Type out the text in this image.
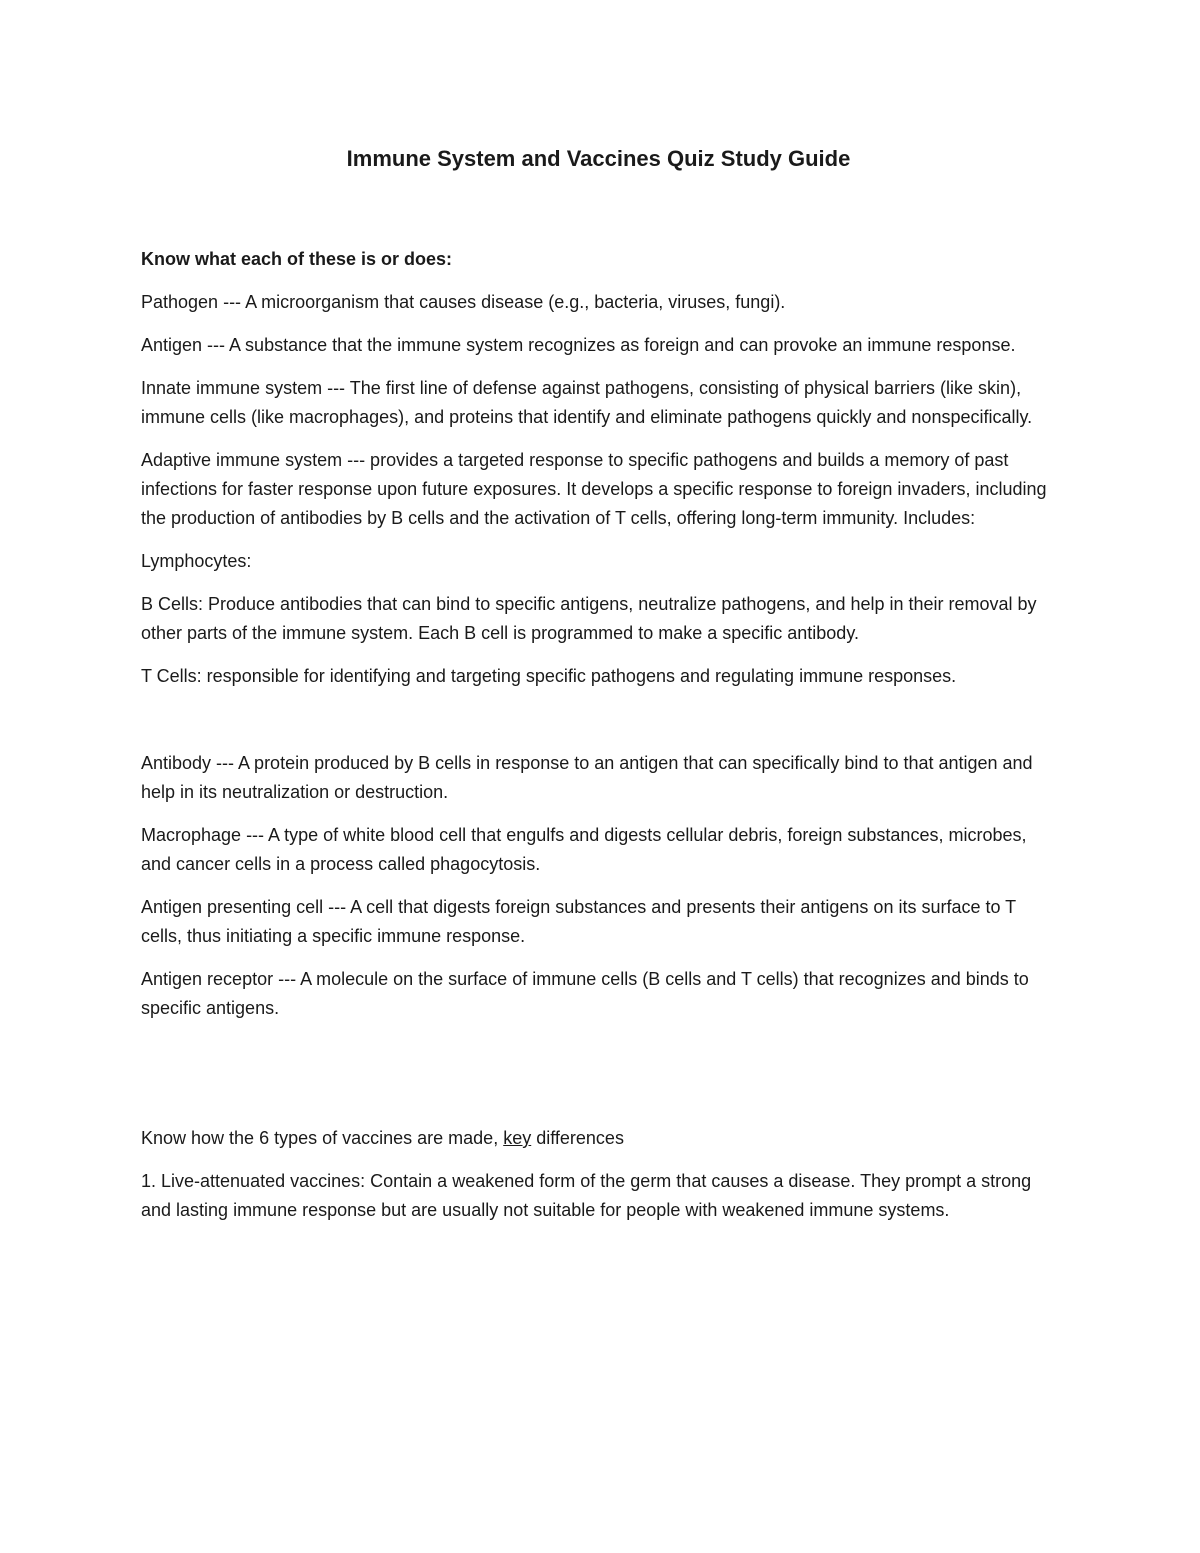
Immune System and Vaccines Quiz Study Guide
Know what each of these is or does:

Pathogen --- A microorganism that causes disease (e.g., bacteria, viruses, fungi).

Antigen --- A substance that the immune system recognizes as foreign and can provoke an immune response.

Innate immune system --- The first line of defense against pathogens, consisting of physical barriers (like skin), immune cells (like macrophages), and proteins that identify and eliminate pathogens quickly and nonspecifically.

Adaptive immune system --- provides a targeted response to specific pathogens and builds a memory of past infections for faster response upon future exposures. It develops a specific response to foreign invaders, including the production of antibodies by B cells and the activation of T cells, offering long-term immunity. Includes:

Lymphocytes:

B Cells: Produce antibodies that can bind to specific antigens, neutralize pathogens, and help in their removal by other parts of the immune system. Each B cell is programmed to make a specific antibody.

T Cells: responsible for identifying and targeting specific pathogens and regulating immune responses.

Antibody --- A protein produced by B cells in response to an antigen that can specifically bind to that antigen and help in its neutralization or destruction.

Macrophage --- A type of white blood cell that engulfs and digests cellular debris, foreign substances, microbes, and cancer cells in a process called phagocytosis.

Antigen presenting cell --- A cell that digests foreign substances and presents their antigens on its surface to T cells, thus initiating a specific immune response.

Antigen receptor --- A molecule on the surface of immune cells (B cells and T cells) that recognizes and binds to specific antigens.

Know how the 6 types of vaccines are made, key differences

1. Live-attenuated vaccines: Contain a weakened form of the germ that causes a disease. They prompt a strong and lasting immune response but are usually not suitable for people with weakened immune systems.
